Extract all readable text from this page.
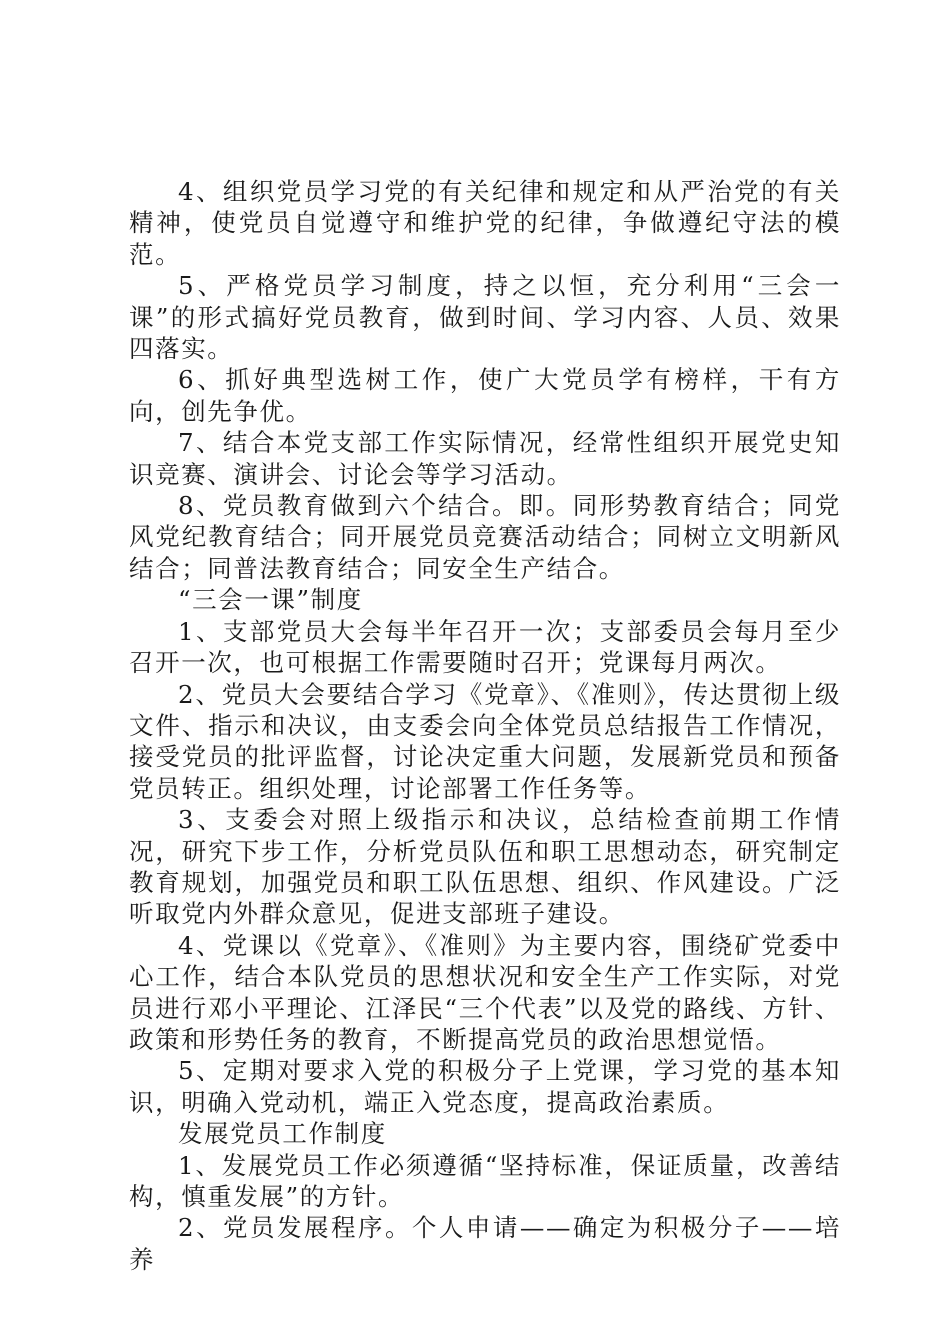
4、组织党员学习党的有关纪律和规定和从严治党的有关精神，使党员自觉遵守和维护党的纪律，争做遵纪守法的模范。

5、严格党员学习制度，持之以恒，充分利用“三会一课”的形式搞好党员教育，做到时间、学习内容、人员、效果四落实。

6、抓好典型选树工作，使广大党员学有榜样，干有方向，创先争优。

7、结合本党支部工作实际情况，经常性组织开展党史知识竞赛、演讲会、讨论会等学习活动。

8、党员教育做到六个结合。即。同形势教育结合；同党风党纪教育结合；同开展党员竞赛活动结合；同树立文明新风结合；同普法教育结合；同安全生产结合。

“三会一课”制度

1、支部党员大会每半年召开一次；支部委员会每月至少召开一次，也可根据工作需要随时召开；党课每月两次。

2、党员大会要结合学习《党章》、《准则》，传达贯彻上级文件、指示和决议，由支委会向全体党员总结报告工作情况，接受党员的批评监督，讨论决定重大问题，发展新党员和预备党员转正。组织处理，讨论部署工作任务等。

3、支委会对照上级指示和决议，总结检查前期工作情况，研究下步工作，分析党员队伍和职工思想动态，研究制定教育规划，加强党员和职工队伍思想、组织、作风建设。广泛听取党内外群众意见，促进支部班子建设。

4、党课以《党章》、《准则》为主要内容，围绕矿党委中心工作，结合本队党员的思想状况和安全生产工作实际，对党员进行邓小平理论、江泽民“三个代表”以及党的路线、方针、政策和形势任务的教育，不断提高党员的政治思想觉悟。

5、定期对要求入党的积极分子上党课，学习党的基本知识，明确入党动机，端正入党态度，提高政治素质。

发展党员工作制度

1、发展党员工作必须遵循“坚持标准，保证质量，改善结构，慎重发展”的方针。

2、党员发展程序。个人申请——确定为积极分子——培养
